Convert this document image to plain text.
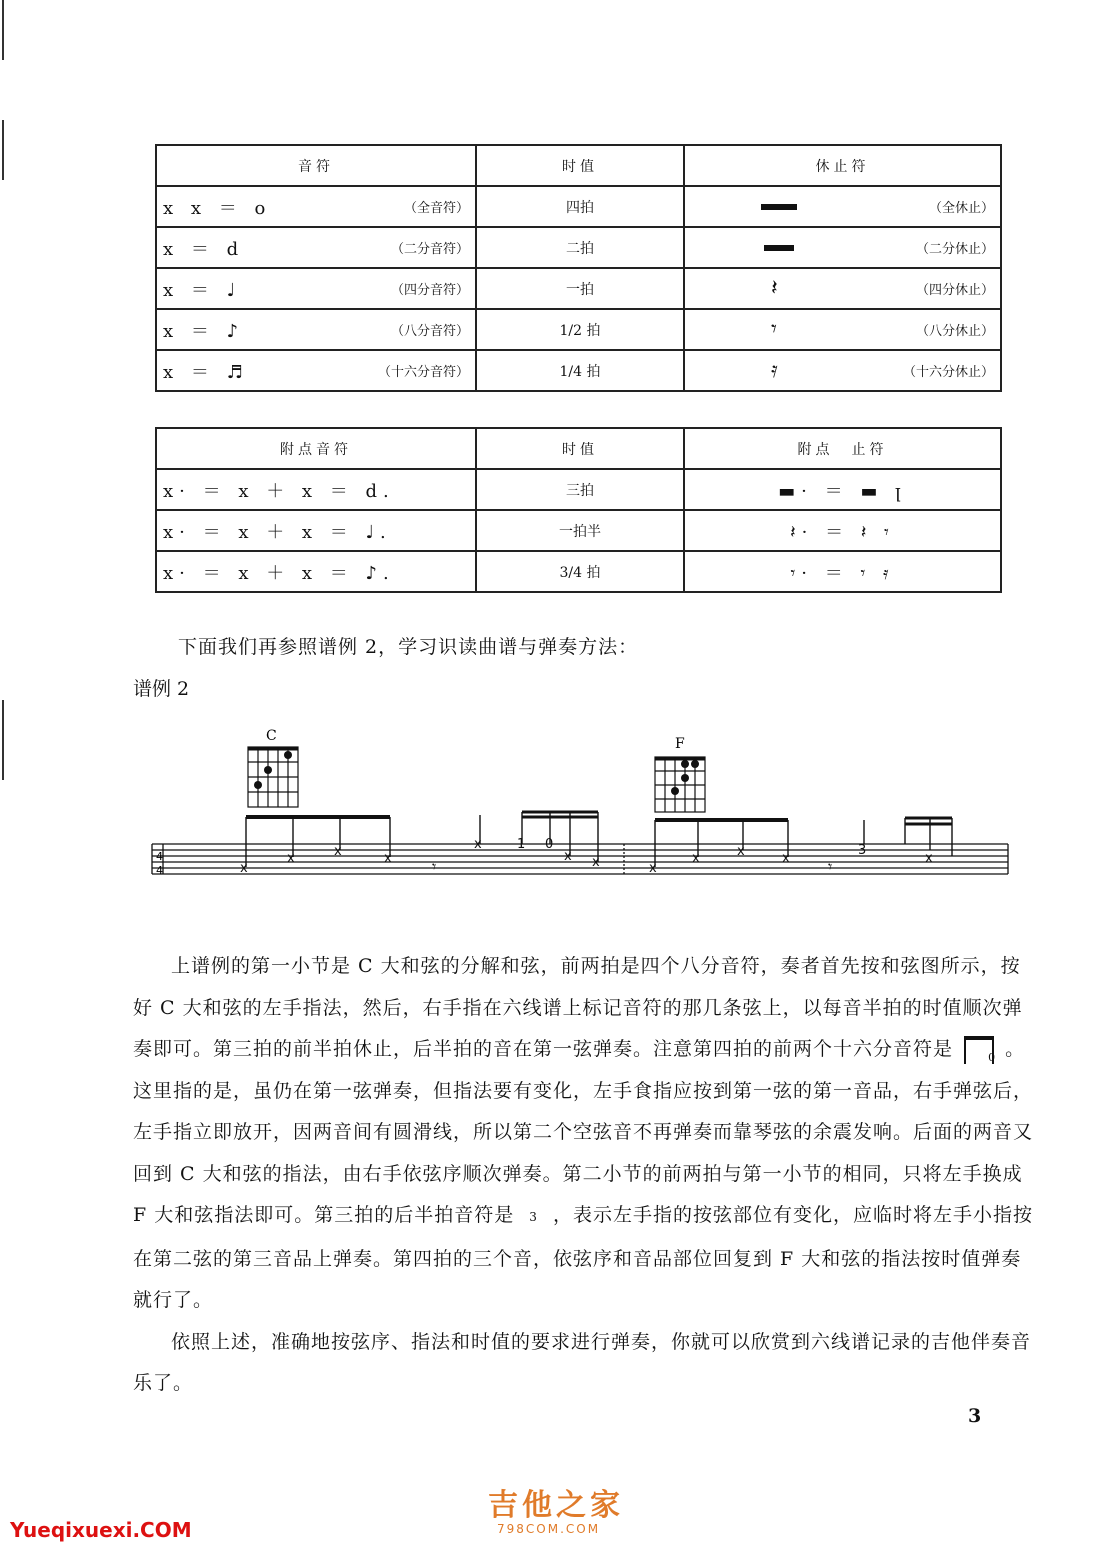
音符	时值	休止符

x x ＝ o （全音符）	四拍	（全休止）

x ＝ d （二分音符）	二拍	（二分休止）

x ＝ ♩ （四分音符）	一拍	𝄽 （四分休止）

x ＝ ♪ （八分音符）	1/2 拍	𝄾 （八分休止）

x ＝ ♬ （十六分音符）	1/4 拍	𝄿 （十六分休止）
附点音符	时值	附点　止符
x· ＝ x ＋ x ＝ d.	三拍	▬· ＝ ▬ ꞁ
x· ＝ x ＋ x ＝ ♩.	一拍半	𝄽· ＝ 𝄽 𝄾
x· ＝ x ＋ x ＝ ♪.	3/4 拍	𝄾· ＝ 𝄾 𝄿
下面我们再参照谱例 2，学习识读曲谱与弹奏方法：
谱例 2
4
4
C	F
x
x	x	x	𝄾
x	1 0
x x	x
x	x	x 𝄾
3
x

上谱例的第一小节是 C 大和弦的分解和弦，前两拍是四个八分音符，奏者首先按和弦图所示，按好 C 大和弦的左手指法，然后，右手指在六线谱上标记音符的那几条弦上，以每音半拍的时值顺次弹奏即可。第三拍的前半拍休止，后半拍的音在第一弦弹奏。注意第四拍的前两个十六分音符是	0 。这里指的是，虽仍在第一弦弹奏，但指法要有变化，左手食指应按到第一弦的第一音品，右手弹弦后，左手指立即放开，因两音间有圆滑线，所以第二个空弦音不再弹奏而靠琴弦的余震发响。后面的两音又回到 C 大和弦的指法，由右手依弦序顺次弹奏。第二小节的前两拍与第一小节的相同，只将左手换成 F 大和弦指法即可。第三拍的后半拍音符是 3 ，表示左手指的按弦部位有变化，应临时将左手小指按在第二弦的第三音品上弹奏。第四拍的三个音，依弦序和音品部位回复到 F 大和弦的指法按时值弹奏就行了。

依照上述，准确地按弦序、指法和时值的要求进行弹奏，你就可以欣赏到六线谱记录的吉他伴奏音乐了。

3
吉他之家
798COM.COM
Yueqixuexi.COM
